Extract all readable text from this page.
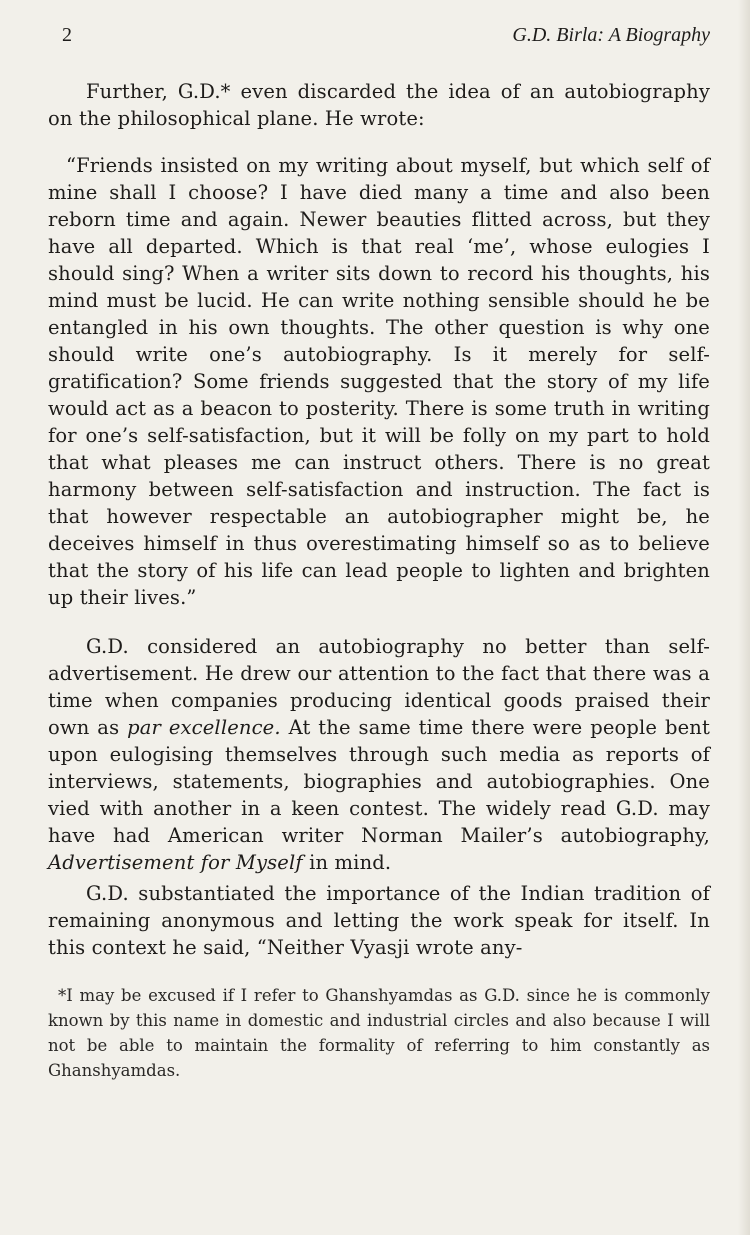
2	G.D. Birla: A Biography

Further, G.D.* even discarded the idea of an autobiography on the philosophical plane. He wrote:

“Friends insisted on my writing about myself, but which self of mine shall I choose? I have died many a time and also been reborn time and again. Newer beauties flitted across, but they have all departed. Which is that real ‘me’, whose eulogies I should sing? When a writer sits down to record his thoughts, his mind must be lucid. He can write nothing sensible should he be entangled in his own thoughts. The other question is why one should write one’s autobiography. Is it merely for self-gratification? Some friends suggested that the story of my life would act as a beacon to posterity. There is some truth in writing for one’s self-satisfaction, but it will be folly on my part to hold that what pleases me can instruct others. There is no great harmony between self-satisfaction and instruction. The fact is that however respectable an autobiographer might be, he deceives himself in thus overestimating himself so as to believe that the story of his life can lead people to lighten and brighten up their lives.”

G.D. considered an autobiography no better than self-advertisement. He drew our attention to the fact that there was a time when companies producing identical goods praised their own as par excellence. At the same time there were people bent upon eulogising themselves through such media as reports of interviews, statements, biographies and autobiographies. One vied with another in a keen contest. The widely read G.D. may have had American writer Norman Mailer’s autobiography, Advertisement for Myself in mind.

G.D. substantiated the importance of the Indian tradition of remaining anonymous and letting the work speak for itself. In this context he said, “Neither Vyasji wrote any-

*I may be excused if I refer to Ghanshyamdas as G.D. since he is commonly known by this name in domestic and industrial circles and also because I will not be able to maintain the formality of referring to him constantly as Ghanshyamdas.
